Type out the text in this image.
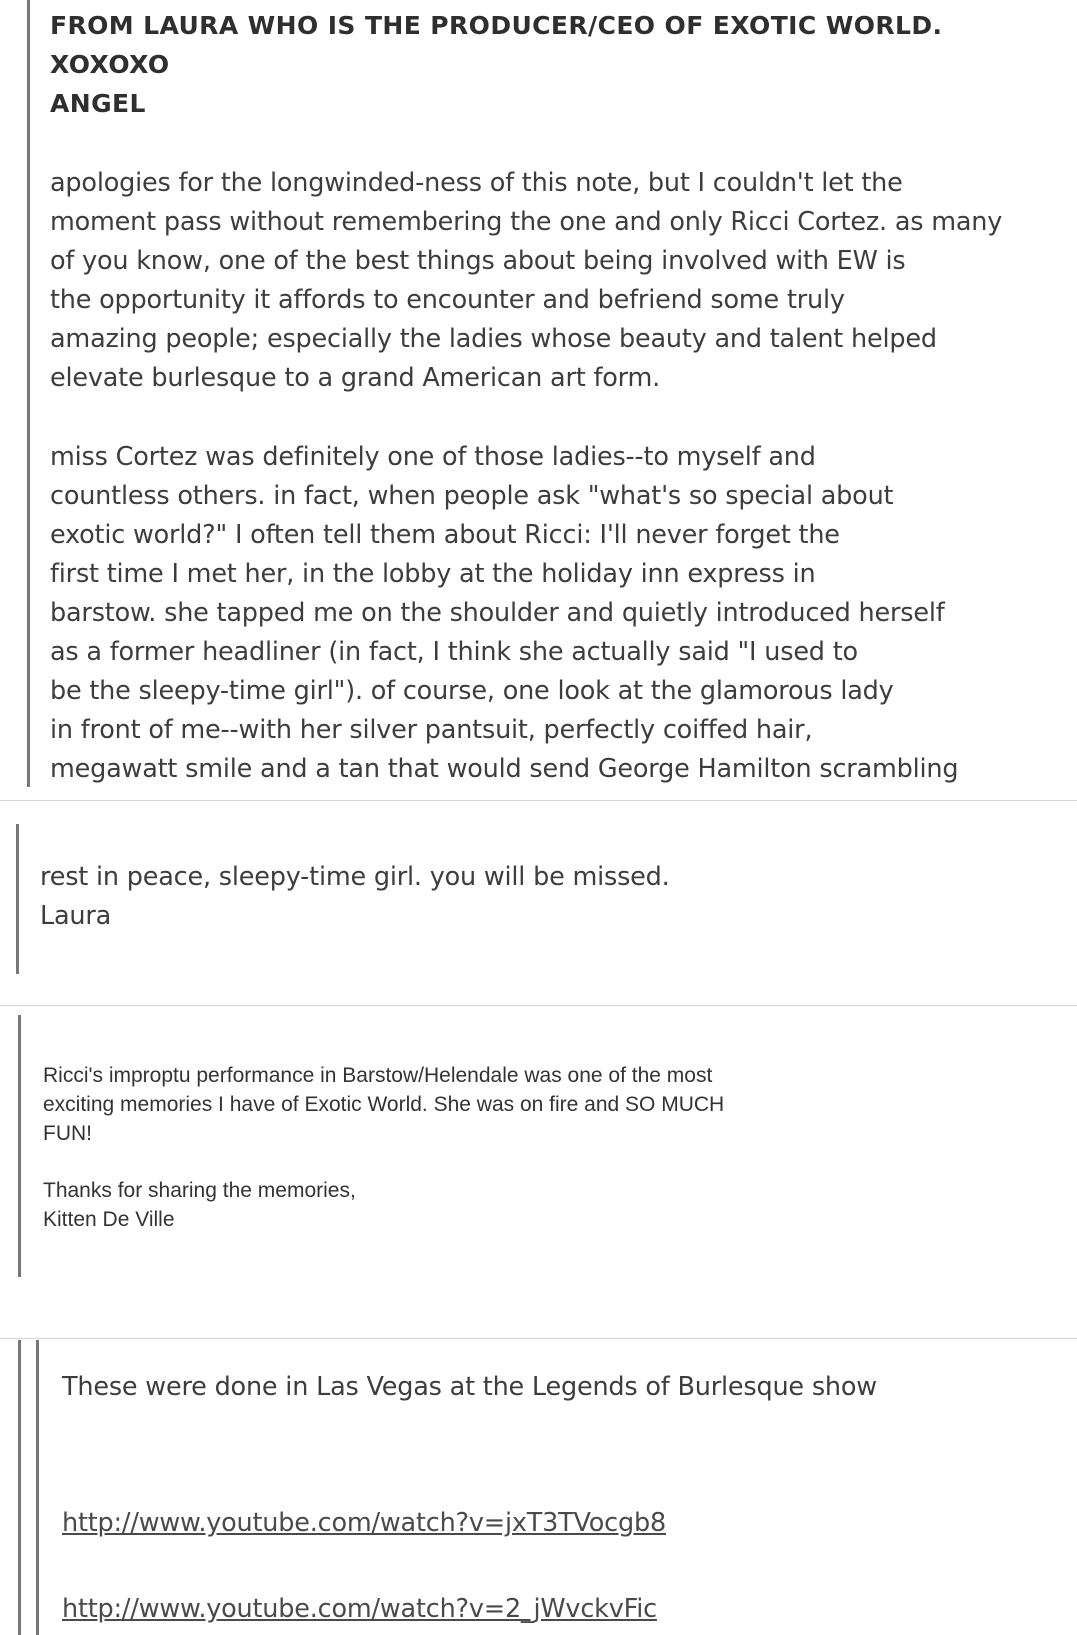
FROM LAURA WHO IS THE PRODUCER/CEO OF EXOTIC WORLD.
XOXOXO
ANGEL
apologies for the longwinded-ness of this note, but I couldn't let the
moment pass without remembering the one and only Ricci Cortez. as many
of you know, one of the best things about being involved with EW is
the opportunity it affords to encounter and befriend some truly
amazing people; especially the ladies whose beauty and talent helped
elevate burlesque to a grand American art form.
miss Cortez was definitely one of those ladies--to myself and
countless others. in fact, when people ask "what's so special about
exotic world?" I often tell them about Ricci: I'll never forget the
first time I met her, in the lobby at the holiday inn express in
barstow. she tapped me on the shoulder and quietly introduced herself
as a former headliner (in fact, I think she actually said "I used to
be the sleepy-time girl"). of course, one look at the glamorous lady
in front of me--with her silver pantsuit, perfectly coiffed hair,
megawatt smile and a tan that would send George Hamilton scrambling
rest in peace, sleepy-time girl. you will be missed.
Laura
Ricci's improptu performance in Barstow/Helendale was one of the most
exciting memories I have of Exotic World. She was on fire and SO MUCH
FUN!
Thanks for sharing the memories,
Kitten De Ville
These were done in Las Vegas at the Legends of Burlesque show
http://www.youtube.com/watch?v=jxT3TVocgb8
http://www.youtube.com/watch?v=2_jWvckvFic
